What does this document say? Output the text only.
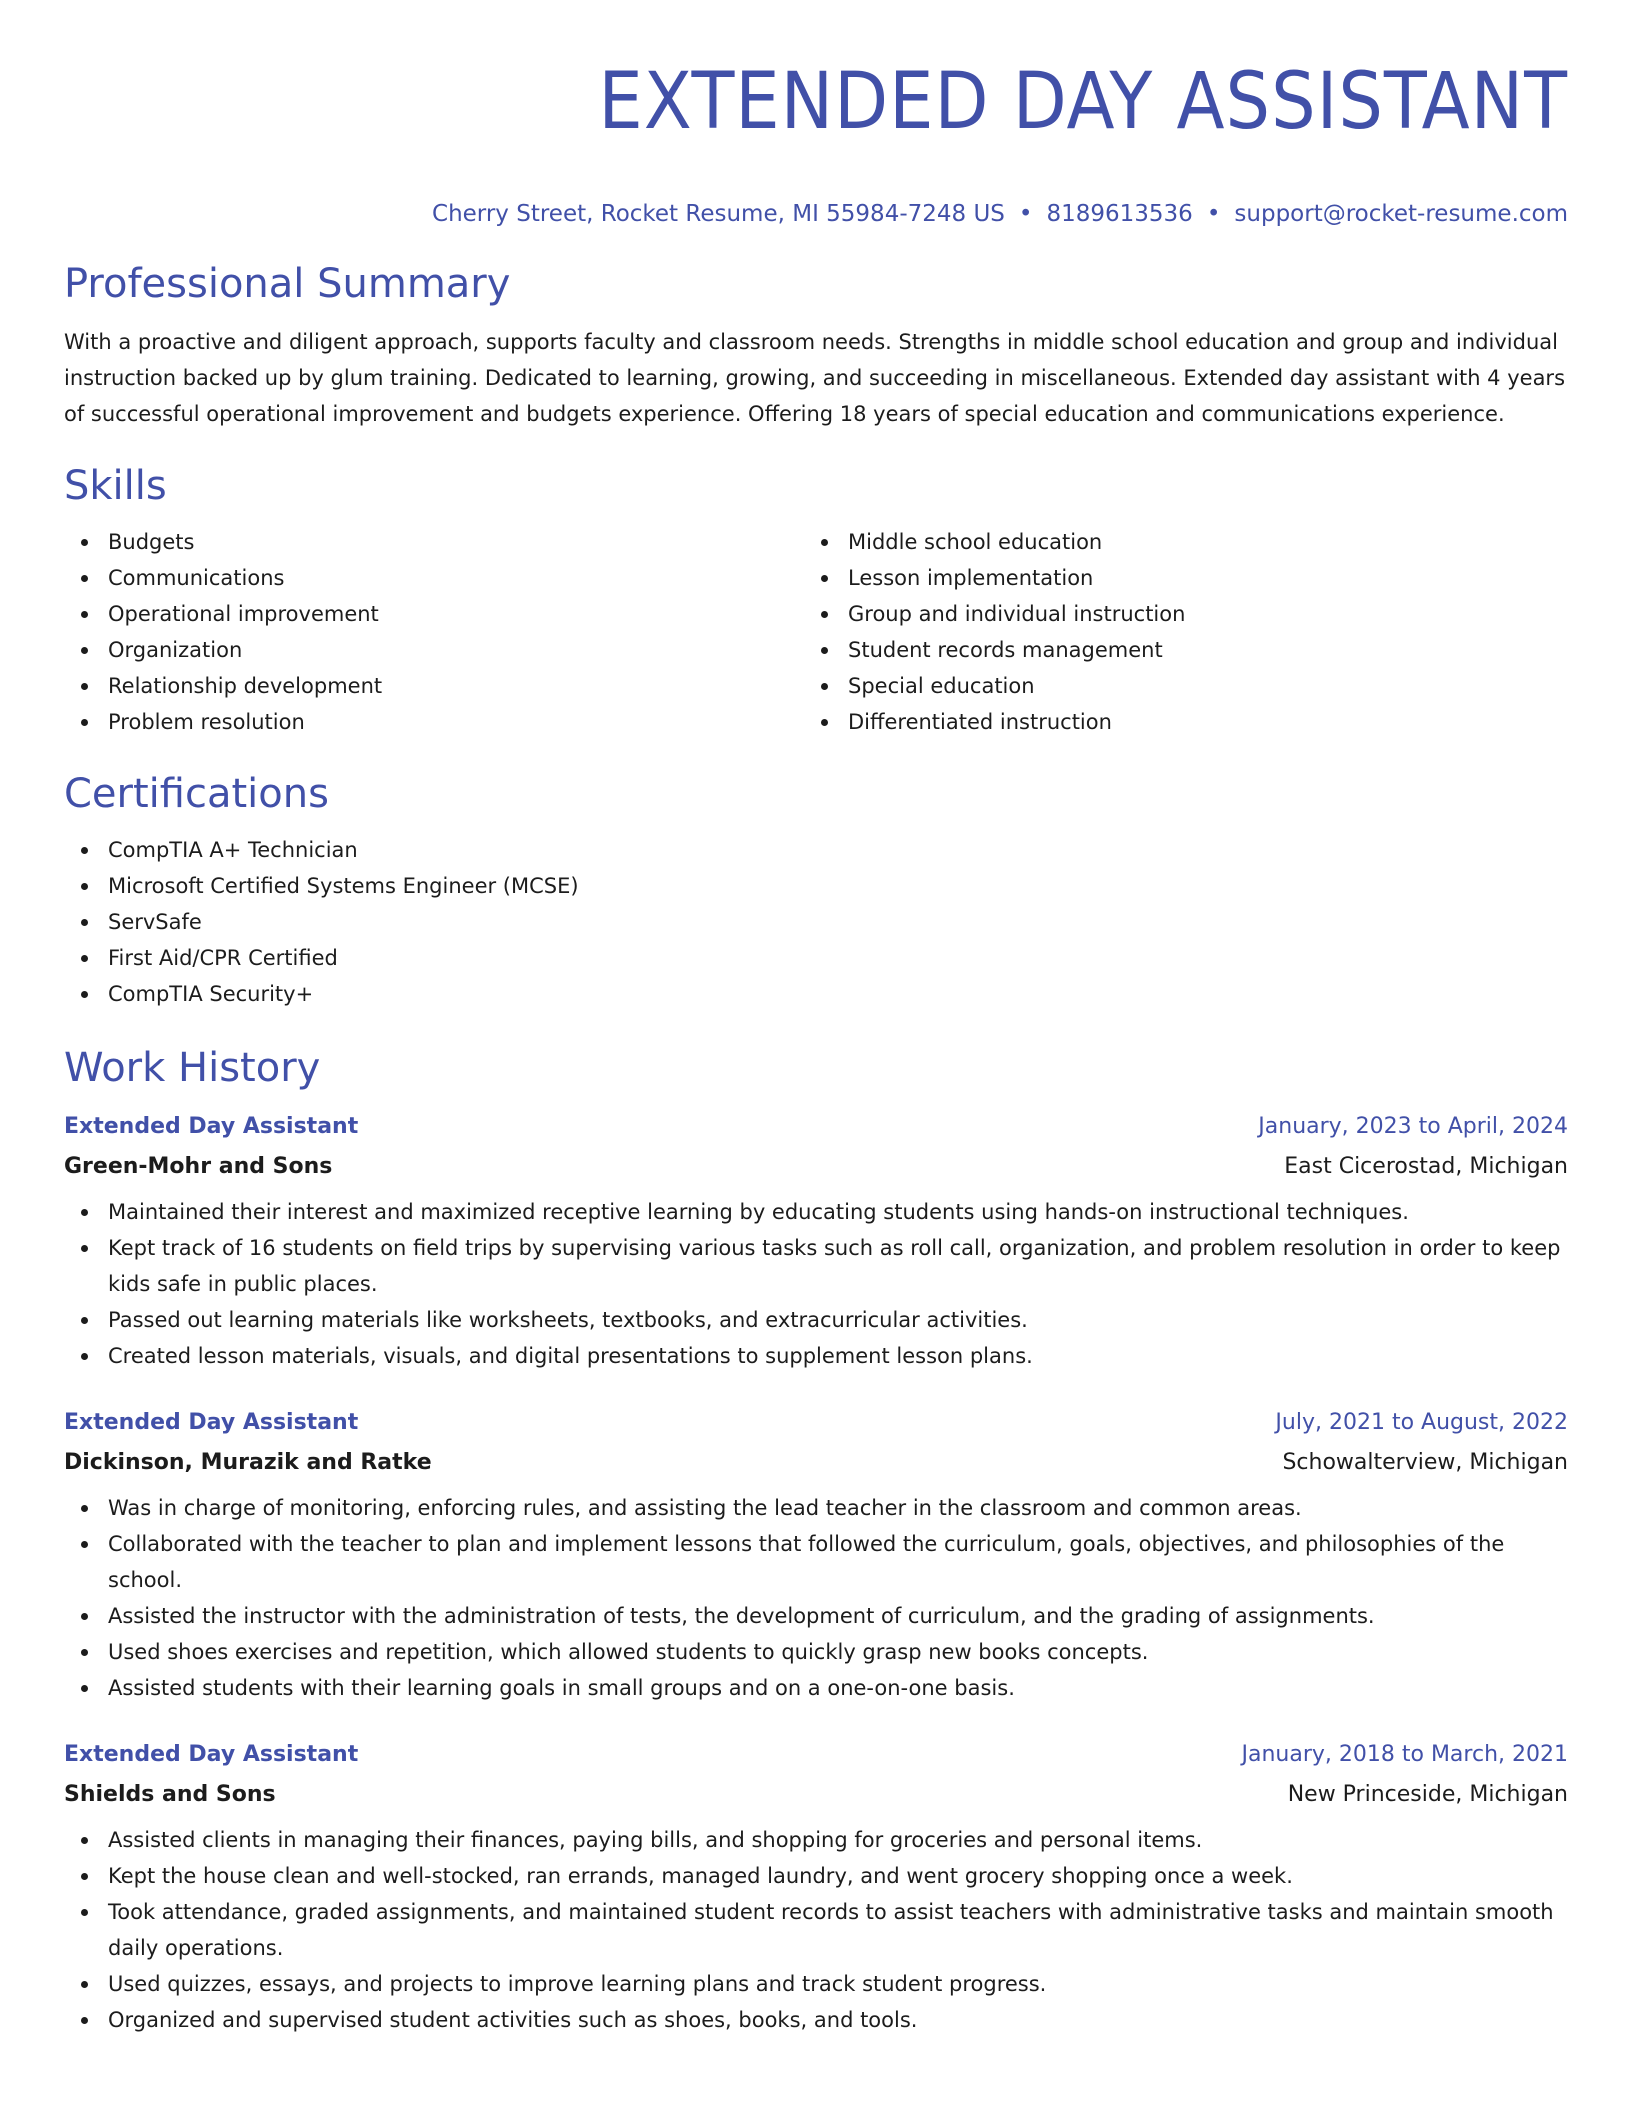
EXTENDED DAY ASSISTANT
Cherry Street, Rocket Resume, MI 55984-7248 US • 8189613536 • support@rocket-resume.com
Professional Summary
With a proactive and diligent approach, supports faculty and classroom needs. Strengths in middle school education and group and individual instruction backed up by glum training. Dedicated to learning, growing, and succeeding in miscellaneous. Extended day assistant with 4 years of successful operational improvement and budgets experience. Offering 18 years of special education and communications experience.
Skills
Budgets
Communications
Operational improvement
Organization
Relationship development
Problem resolution
Middle school education
Lesson implementation
Group and individual instruction
Student records management
Special education
Differentiated instruction
Certifications
CompTIA A+ Technician
Microsoft Certified Systems Engineer (MCSE)
ServSafe
First Aid/CPR Certified
CompTIA Security+
Work History
Extended Day Assistant	January, 2023 to April, 2024
Green-Mohr and Sons	East Cicerostad, Michigan
Maintained their interest and maximized receptive learning by educating students using hands-on instructional techniques.
Kept track of 16 students on field trips by supervising various tasks such as roll call, organization, and problem resolution in order to keep kids safe in public places.
Passed out learning materials like worksheets, textbooks, and extracurricular activities.
Created lesson materials, visuals, and digital presentations to supplement lesson plans.
Extended Day Assistant	July, 2021 to August, 2022
Dickinson, Murazik and Ratke	Schowalterview, Michigan
Was in charge of monitoring, enforcing rules, and assisting the lead teacher in the classroom and common areas.
Collaborated with the teacher to plan and implement lessons that followed the curriculum, goals, objectives, and philosophies of the school.
Assisted the instructor with the administration of tests, the development of curriculum, and the grading of assignments.
Used shoes exercises and repetition, which allowed students to quickly grasp new books concepts.
Assisted students with their learning goals in small groups and on a one-on-one basis.
Extended Day Assistant	January, 2018 to March, 2021
Shields and Sons	New Princeside, Michigan
Assisted clients in managing their finances, paying bills, and shopping for groceries and personal items.
Kept the house clean and well-stocked, ran errands, managed laundry, and went grocery shopping once a week.
Took attendance, graded assignments, and maintained student records to assist teachers with administrative tasks and maintain smooth daily operations.
Used quizzes, essays, and projects to improve learning plans and track student progress.
Organized and supervised student activities such as shoes, books, and tools.
